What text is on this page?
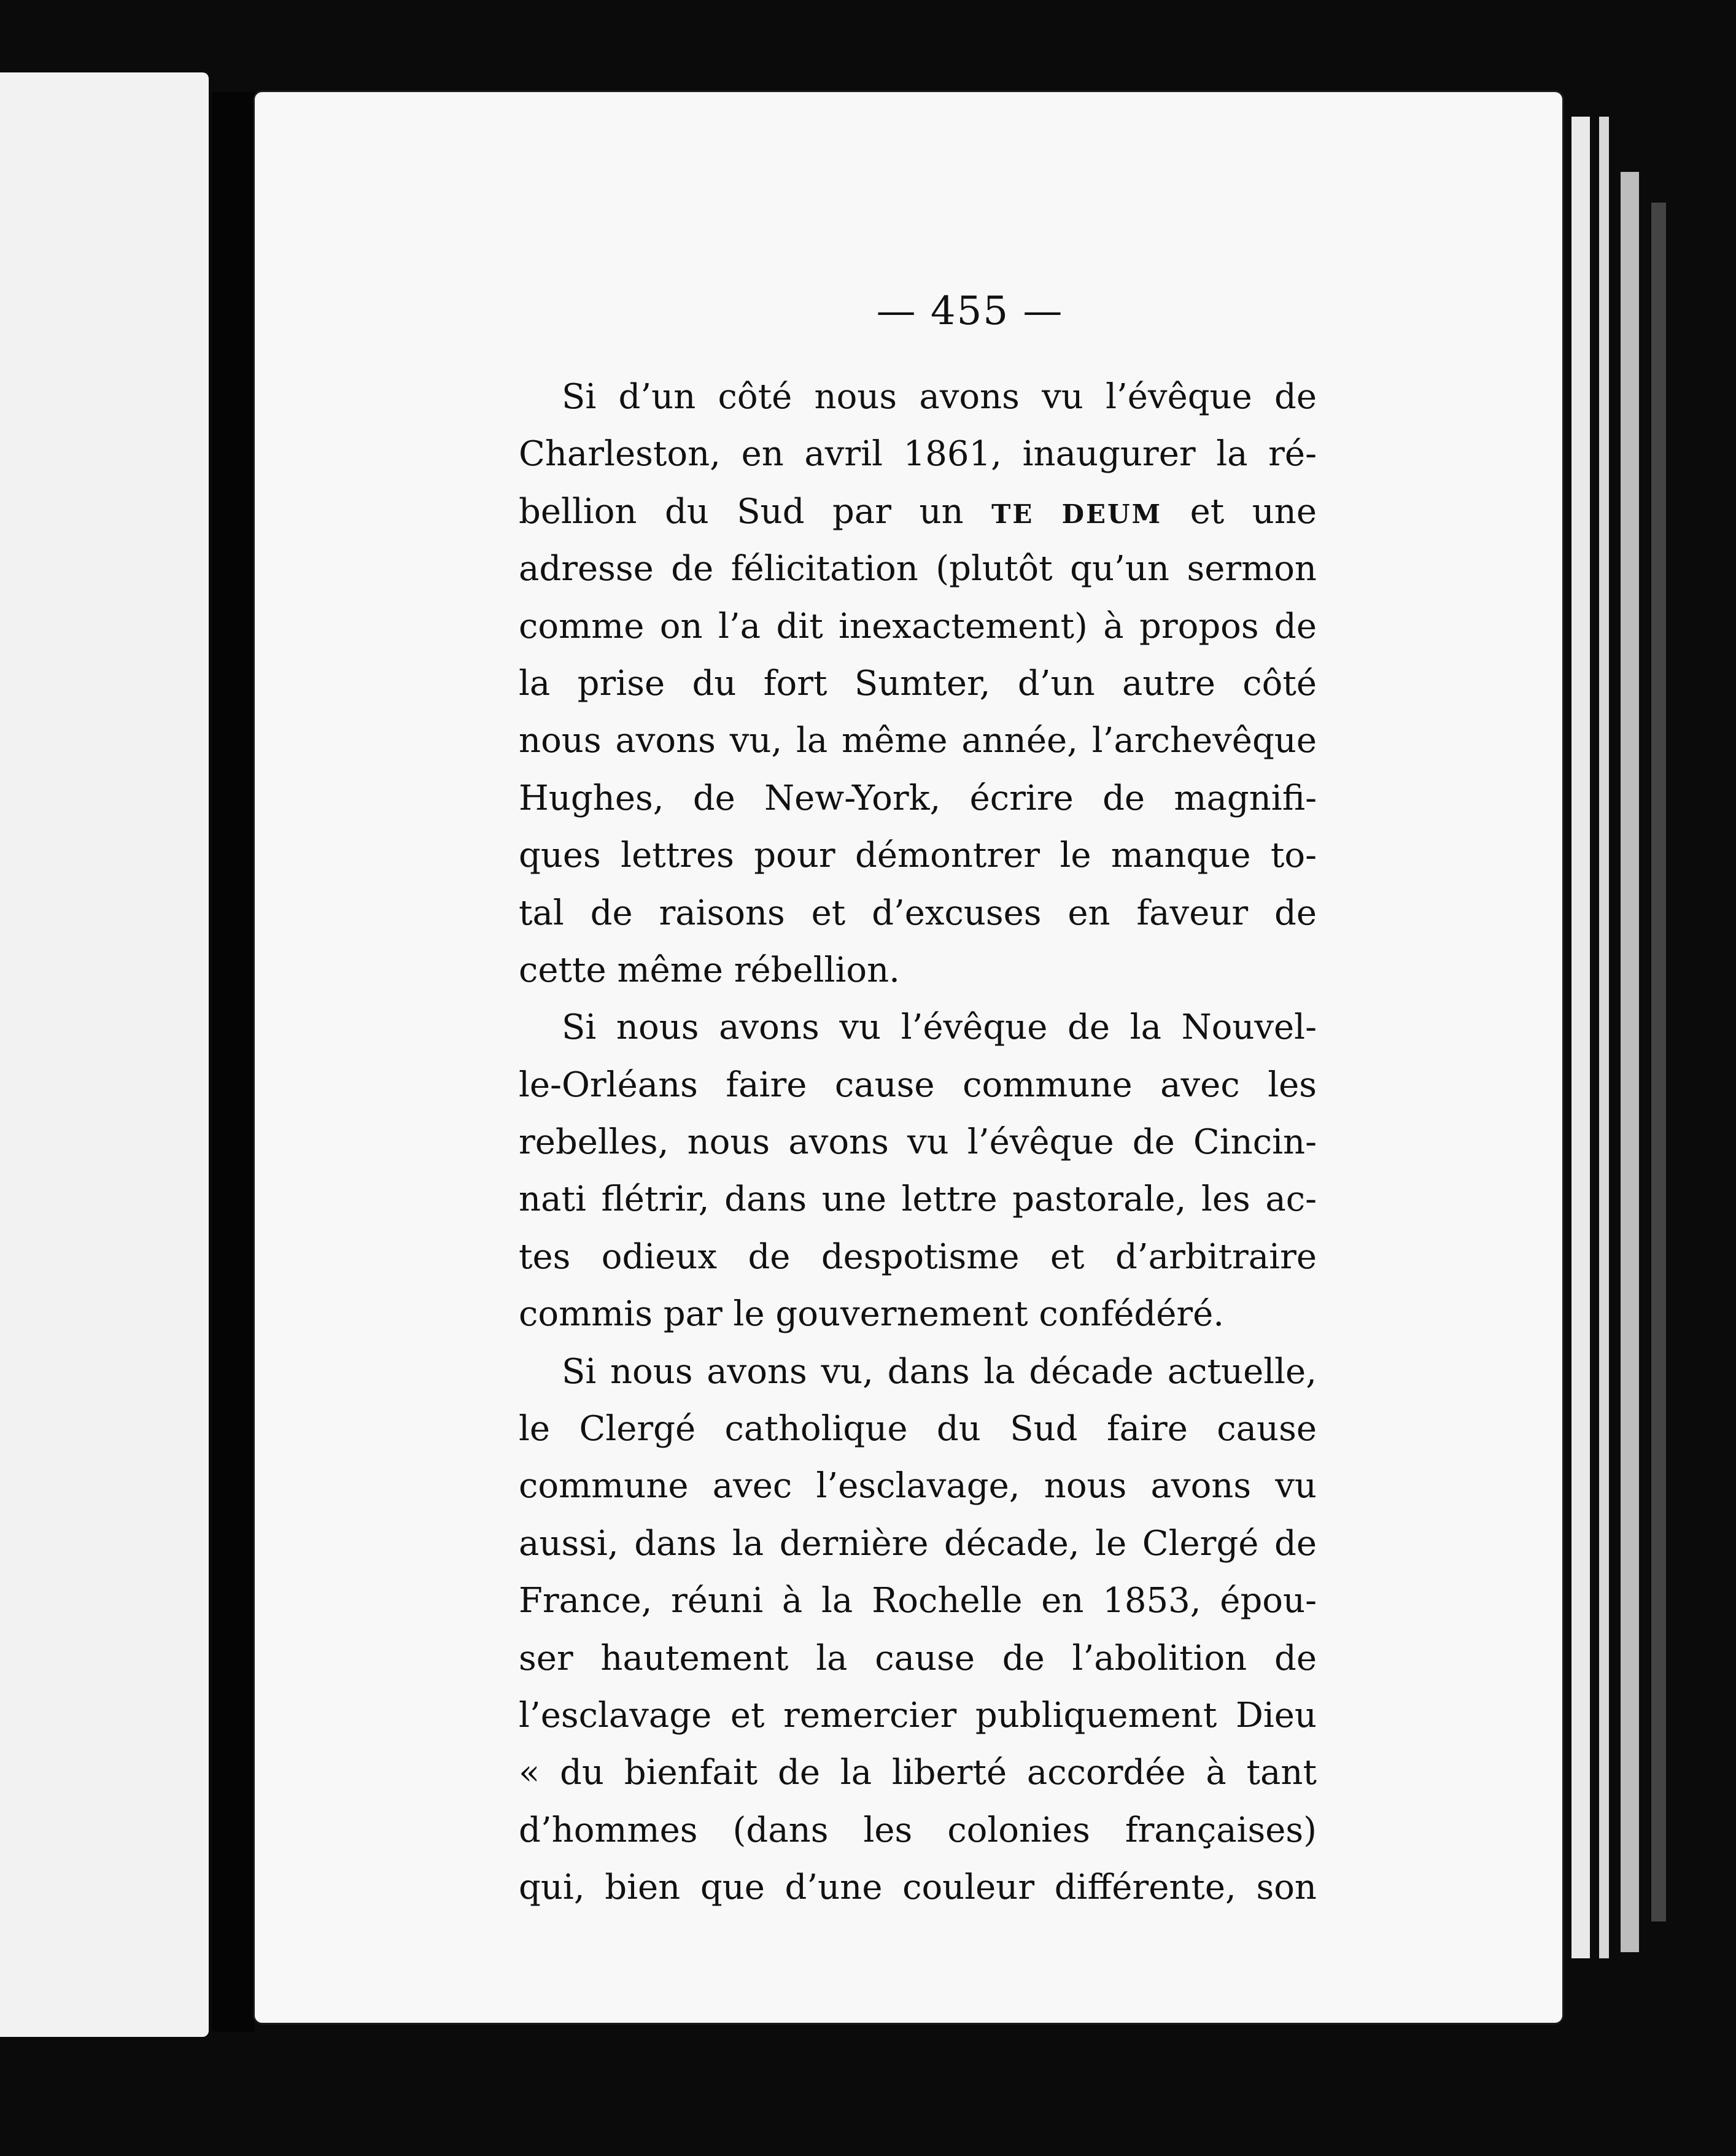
— 455 —

Si d’un côté nous avons vu l’évêque de
Charleston, en avril 1861, inaugurer la ré-
bellion du Sud par un TE DEUM et une
adresse de félicitation (plutôt qu’un sermon
comme on l’a dit inexactement) à propos de
la prise du fort Sumter, d’un autre côté
nous avons vu, la même année, l’archevêque
Hughes, de New-York, écrire de magnifi-
ques lettres pour démontrer le manque to-
tal de raisons et d’excuses en faveur de
cette même rébellion.

Si nous avons vu l’évêque de la Nouvel-
le-Orléans faire cause commune avec les
rebelles, nous avons vu l’évêque de Cincin-
nati flétrir, dans une lettre pastorale, les ac-
tes odieux de despotisme et d’arbitraire
commis par le gouvernement confédéré.

Si nous avons vu, dans la décade actuelle,
le Clergé catholique du Sud faire cause
commune avec l’esclavage, nous avons vu
aussi, dans la dernière décade, le Clergé de
France, réuni à la Rochelle en 1853, épou-
ser hautement la cause de l’abolition de
l’esclavage et remercier publiquement Dieu
« du bienfait de la liberté accordée à tant
d’hommes (dans les colonies françaises)
qui, bien que d’une couleur différente, son
